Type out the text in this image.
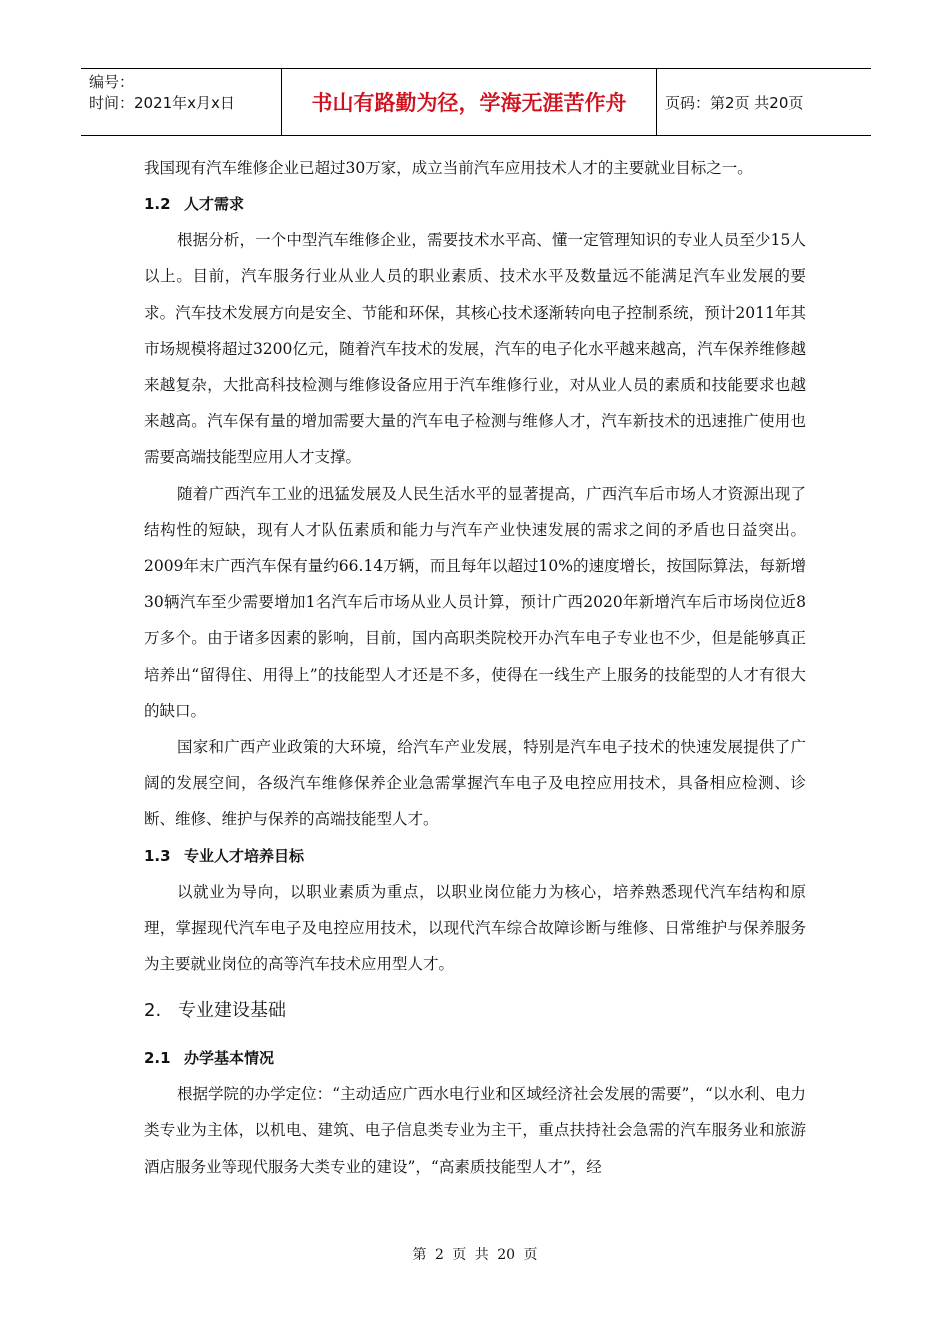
编号：
时间：2021年x月x日	书山有路勤为径，学海无涯苦作舟	页码：第2页 共20页

我国现有汽车维修企业已超过30万家，成立当前汽车应用技术人才的主要就业目标之一。

1.2 人才需求

根据分析，一个中型汽车维修企业，需要技术水平高、懂一定管理知识的专业人员至少15人以上。目前，汽车服务行业从业人员的职业素质、技术水平及数量远不能满足汽车业发展的要求。汽车技术发展方向是安全、节能和环保，其核心技术逐渐转向电子控制系统，预计2011年其市场规模将超过3200亿元，随着汽车技术的发展，汽车的电子化水平越来越高，汽车保养维修越来越复杂，大批高科技检测与维修设备应用于汽车维修行业，对从业人员的素质和技能要求也越来越高。汽车保有量的增加需要大量的汽车电子检测与维修人才，汽车新技术的迅速推广使用也需要高端技能型应用人才支撑。

随着广西汽车工业的迅猛发展及人民生活水平的显著提高，广西汽车后市场人才资源出现了结构性的短缺，现有人才队伍素质和能力与汽车产业快速发展的需求之间的矛盾也日益突出。2009年末广西汽车保有量约66.14万辆，而且每年以超过10%的速度增长，按国际算法，每新增30辆汽车至少需要增加1名汽车后市场从业人员计算，预计广西2020年新增汽车后市场岗位近8万多个。由于诸多因素的影响，目前，国内高职类院校开办汽车电子专业也不少，但是能够真正培养出“留得住、用得上”的技能型人才还是不多，使得在一线生产上服务的技能型的人才有很大的缺口。

国家和广西产业政策的大环境，给汽车产业发展，特别是汽车电子技术的快速发展提供了广阔的发展空间，各级汽车维修保养企业急需掌握汽车电子及电控应用技术，具备相应检测、诊断、维修、维护与保养的高端技能型人才。

1.3 专业人才培养目标

以就业为导向，以职业素质为重点，以职业岗位能力为核心，培养熟悉现代汽车结构和原理，掌握现代汽车电子及电控应用技术，以现代汽车综合故障诊断与维修、日常维护与保养服务为主要就业岗位的高等汽车技术应用型人才。

2. 专业建设基础
2.1 办学基本情况

根据学院的办学定位：“主动适应广西水电行业和区域经济社会发展的需要”，“以水利、电力类专业为主体，以机电、建筑、电子信息类专业为主干，重点扶持社会急需的汽车服务业和旅游酒店服务业等现代服务大类专业的建设”，“高素质技能型人才”，经

第 2 页 共 20 页
